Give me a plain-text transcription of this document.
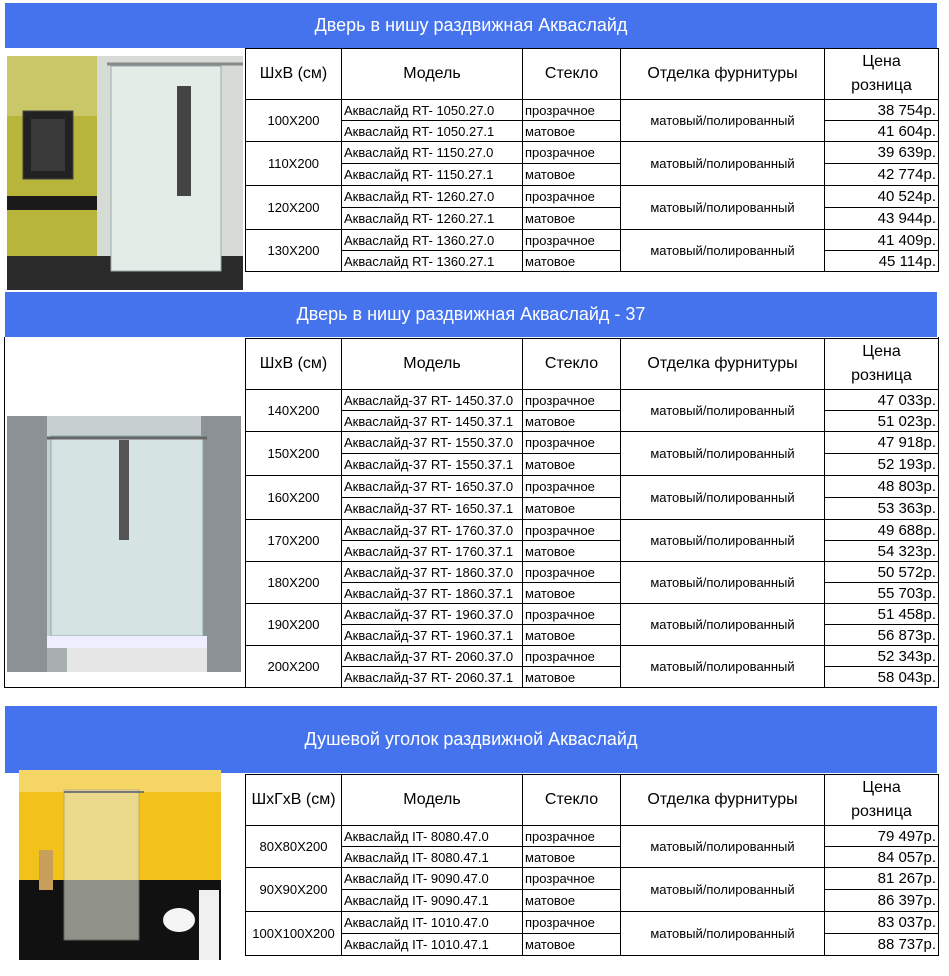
Дверь в нишу раздвижная Акваслайд
ШхВ (см)	Модель	Стекло	Отделка фурнитуры	Цена
розница
100Х200	Акваслайд RT- 1050.27.0	прозрачное	матовый/полированный	38 754р.
	Акваслайд RT- 1050.27.1	матовое		41 604р.
110Х200	Акваслайд RT- 1150.27.0	прозрачное	матовый/полированный	39 639р.
	Акваслайд RT- 1150.27.1	матовое		42 774р.
120Х200	Акваслайд RT- 1260.27.0	прозрачное	матовый/полированный	40 524р.
	Акваслайд RT- 1260.27.1	матовое		43 944р.
130Х200	Акваслайд RT- 1360.27.0	прозрачное	матовый/полированный	41 409р.
	Акваслайд RT- 1360.27.1	матовое		45 114р.
Дверь в нишу раздвижная Акваслайд - 37
ШхВ (см)	Модель	Стекло	Отделка фурнитуры	Цена
розница
140Х200	Акваслайд-37 RT- 1450.37.0	прозрачное	матовый/полированный	47 033р.
	Акваслайд-37 RT- 1450.37.1	матовое		51 023р.
150Х200	Акваслайд-37 RT- 1550.37.0	прозрачное	матовый/полированный	47 918р.
	Акваслайд-37 RT- 1550.37.1	матовое		52 193р.
160Х200	Акваслайд-37 RT- 1650.37.0	прозрачное	матовый/полированный	48 803р.
	Акваслайд-37 RT- 1650.37.1	матовое		53 363р.
170Х200	Акваслайд-37 RT- 1760.37.0	прозрачное	матовый/полированный	49 688р.
	Акваслайд-37 RT- 1760.37.1	матовое		54 323р.
180Х200	Акваслайд-37 RT- 1860.37.0	прозрачное	матовый/полированный	50 572р.
	Акваслайд-37 RT- 1860.37.1	матовое		55 703р.
190Х200	Акваслайд-37 RT- 1960.37.0	прозрачное	матовый/полированный	51 458р.
	Акваслайд-37 RT- 1960.37.1	матовое		56 873р.
200Х200	Акваслайд-37 RT- 2060.37.0	прозрачное	матовый/полированный	52 343р.
	Акваслайд-37 RT- 2060.37.1	матовое		58 043р.
Душевой уголок раздвижной Акваслайд
ШхГхВ (см)	Модель	Стекло	Отделка фурнитуры	Цена
розница
80Х80Х200	Акваслайд IT- 8080.47.0	прозрачное	матовый/полированный	79 497р.
	Акваслайд IT- 8080.47.1	матовое		84 057р.
90Х90Х200	Акваслайд IT- 9090.47.0	прозрачное	матовый/полированный	81 267р.
	Акваслайд IT- 9090.47.1	матовое		86 397р.
100Х100Х200	Акваслайд IT- 1010.47.0	прозрачное	матовый/полированный	83 037р.
	Акваслайд IT- 1010.47.1	матовое		88 737р.
